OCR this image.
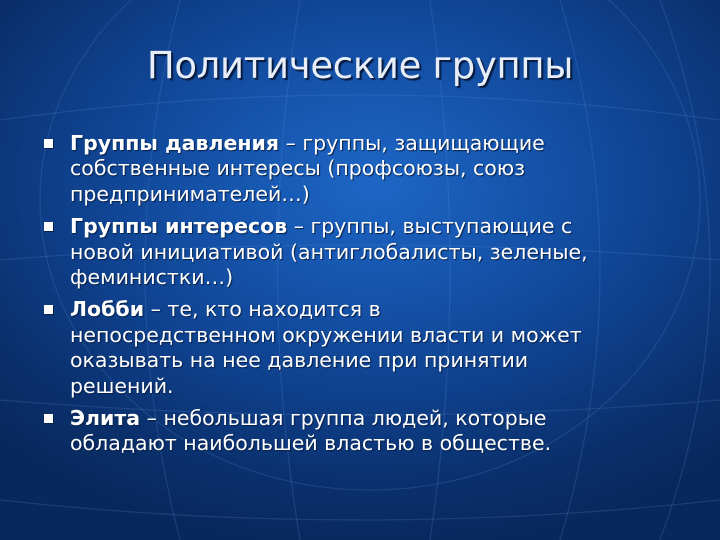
Политические группы
Группы давления – группы, защищающие
собственные интересы (профсоюзы, союз
предпринимателей…)
Группы интересов – группы, выступающие с
новой инициативой (антиглобалисты, зеленые,
феминистки…)
Лобби – те, кто находится в
непосредственном окружении власти и может
оказывать на нее давление при принятии
решений.
Элита – небольшая группа людей, которые
обладают наибольшей властью в обществе.
